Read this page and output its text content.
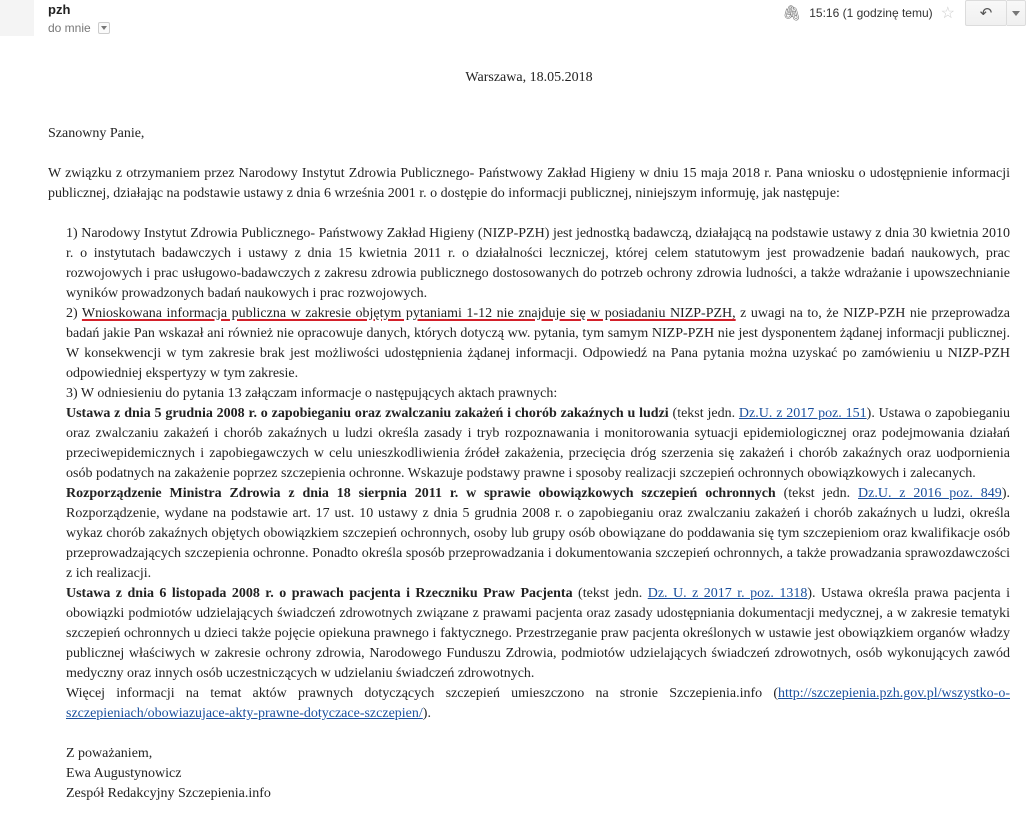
pzh
do mnie
🖇 15:16 (1 godzinę temu) ☆ ↶
Warszawa, 18.05.2018
Szanowny Panie,
W związku z otrzymaniem przez Narodowy Instytut Zdrowia Publicznego- Państwowy Zakład Higieny w dniu 15 maja 2018 r. Pana wniosku o udostępnienie informacji publicznej, działając na podstawie ustawy z dnia 6 września 2001 r. o dostępie do informacji publicznej, niniejszym informuję, jak następuje:

1) Narodowy Instytut Zdrowia Publicznego- Państwowy Zakład Higieny (NIZP-PZH) jest jednostką badawczą, działającą na podstawie ustawy z dnia 30 kwietnia 2010 r. o instytutach badawczych i ustawy z dnia 15 kwietnia 2011 r. o działalności leczniczej, której celem statutowym jest prowadzenie badań naukowych, prac rozwojowych i prac usługowo-badawczych z zakresu zdrowia publicznego dostosowanych do potrzeb ochrony zdrowia ludności, a także wdrażanie i upowszechnianie wyników prowadzonych badań naukowych i prac rozwojowych.

2) Wnioskowana informacja publiczna w zakresie objętym pytaniami 1-12 nie znajduje się w posiadaniu NIZP-PZH, z uwagi na to, że NIZP-PZH nie przeprowadza badań jakie Pan wskazał ani również nie opracowuje danych, których dotyczą ww. pytania, tym samym NIZP-PZH nie jest dysponentem żądanej informacji publicznej. W konsekwencji w tym zakresie brak jest możliwości udostępnienia żądanej informacji. Odpowiedź na Pana pytania można uzyskać po zamówieniu u NIZP-PZH odpowiedniej ekspertyzy w tym zakresie.

3) W odniesieniu do pytania 13 załączam informacje o następujących aktach prawnych:

Ustawa z dnia 5 grudnia 2008 r. o zapobieganiu oraz zwalczaniu zakażeń i chorób zakaźnych u ludzi (tekst jedn. Dz.U. z 2017 poz. 151). Ustawa o zapobieganiu oraz zwalczaniu zakażeń i chorób zakaźnych u ludzi określa zasady i tryb rozpoznawania i monitorowania sytuacji epidemiologicznej oraz podejmowania działań przeciwepidemicznych i zapobiegawczych w celu unieszkodliwienia źródeł zakażenia, przecięcia dróg szerzenia się zakażeń i chorób zakaźnych oraz uodpornienia osób podatnych na zakażenie poprzez szczepienia ochronne. Wskazuje podstawy prawne i sposoby realizacji szczepień ochronnych obowiązkowych i zalecanych.

Rozporządzenie Ministra Zdrowia z dnia 18 sierpnia 2011 r. w sprawie obowiązkowych szczepień ochronnych (tekst jedn. Dz.U. z 2016 poz. 849). Rozporządzenie, wydane na podstawie art. 17 ust. 10 ustawy z dnia 5 grudnia 2008 r. o zapobieganiu oraz zwalczaniu zakażeń i chorób zakaźnych u ludzi, określa wykaz chorób zakaźnych objętych obowiązkiem szczepień ochronnych, osoby lub grupy osób obowiązane do poddawania się tym szczepieniom oraz kwalifikacje osób przeprowadzających szczepienia ochronne. Ponadto określa sposób przeprowadzania i dokumentowania szczepień ochronnych, a także prowadzania sprawozdawczości z ich realizacji.

Ustawa z dnia 6 listopada 2008 r. o prawach pacjenta i Rzeczniku Praw Pacjenta (tekst jedn. Dz. U. z 2017 r. poz. 1318). Ustawa określa prawa pacjenta i obowiązki podmiotów udzielających świadczeń zdrowotnych związane z prawami pacjenta oraz zasady udostępniania dokumentacji medycznej, a w zakresie tematyki szczepień ochronnych u dzieci także pojęcie opiekuna prawnego i faktycznego. Przestrzeganie praw pacjenta określonych w ustawie jest obowiązkiem organów władzy publicznej właściwych w zakresie ochrony zdrowia, Narodowego Funduszu Zdrowia, podmiotów udzielających świadczeń zdrowotnych, osób wykonujących zawód medyczny oraz innych osób uczestniczących w udzielaniu świadczeń zdrowotnych.

Więcej informacji na temat aktów prawnych dotyczących szczepień umieszczono na stronie Szczepienia.info (http://szczepienia.pzh.gov.pl/wszystko-o-szczepieniach/obowiazujace-akty-prawne-dotyczace-szczepien/).

Z poważaniem,
Ewa Augustynowicz
Zespół Redakcyjny Szczepienia.info
